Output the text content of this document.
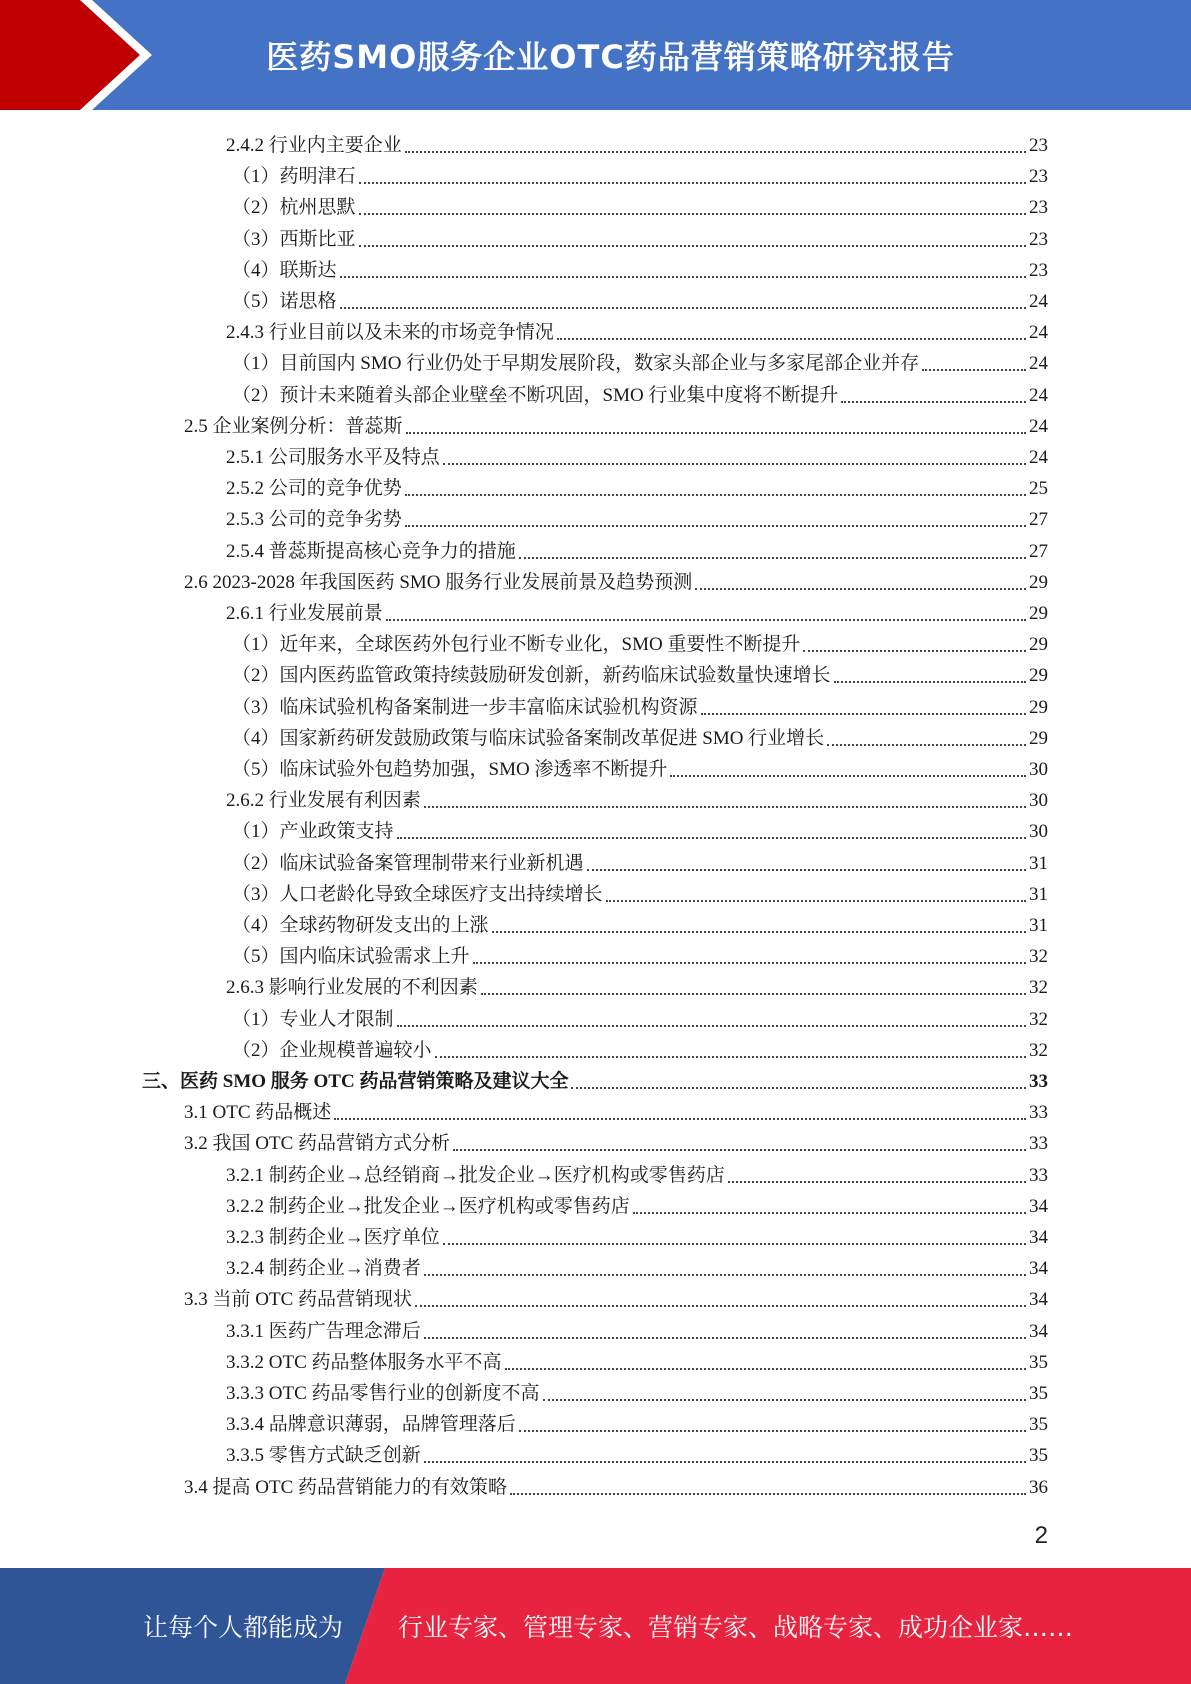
医药SMO服务企业OTC药品营销策略研究报告
2.4.2 行业内主要企业	23
（1）药明津石	23
（2）杭州思默	23
（3）西斯比亚	23
（4）联斯达	23
（5）诺思格	24
2.4.3 行业目前以及未来的市场竞争情况	24
（1）目前国内 SMO 行业仍处于早期发展阶段，数家头部企业与多家尾部企业并存	24
（2）预计未来随着头部企业壁垒不断巩固，SMO 行业集中度将不断提升	24
2.5 企业案例分析：普蕊斯	24
2.5.1 公司服务水平及特点	24
2.5.2 公司的竞争优势	25
2.5.3 公司的竞争劣势	27
2.5.4 普蕊斯提高核心竞争力的措施	27
2.6 2023-2028 年我国医药 SMO 服务行业发展前景及趋势预测	29
2.6.1 行业发展前景	29
（1）近年来，全球医药外包行业不断专业化，SMO 重要性不断提升	29
（2）国内医药监管政策持续鼓励研发创新，新药临床试验数量快速增长	29
（3）临床试验机构备案制进一步丰富临床试验机构资源	29
（4）国家新药研发鼓励政策与临床试验备案制改革促进 SMO 行业增长	29
（5）临床试验外包趋势加强，SMO 渗透率不断提升	30
2.6.2 行业发展有利因素	30
（1）产业政策支持	30
（2）临床试验备案管理制带来行业新机遇	31
（3）人口老龄化导致全球医疗支出持续增长	31
（4）全球药物研发支出的上涨	31
（5）国内临床试验需求上升	32
2.6.3 影响行业发展的不利因素	32
（1）专业人才限制	32
（2）企业规模普遍较小	32
三、医药 SMO 服务 OTC 药品营销策略及建议大全	33
3.1 OTC 药品概述	33
3.2 我国 OTC 药品营销方式分析	33
3.2.1 制药企业→总经销商→批发企业→医疗机构或零售药店	33
3.2.2 制药企业→批发企业→医疗机构或零售药店	34
3.2.3 制药企业→医疗单位	34
3.2.4 制药企业→消费者	34
3.3 当前 OTC 药品营销现状	34
3.3.1 医药广告理念滞后	34
3.3.2 OTC 药品整体服务水平不高	35
3.3.3 OTC 药品零售行业的创新度不高	35
3.3.4 品牌意识薄弱，品牌管理落后	35
3.3.5 零售方式缺乏创新	35
3.4 提高 OTC 药品营销能力的有效策略	36
2
让每个人都能成为 行业专家、管理专家、营销专家、战略专家、成功企业家……
